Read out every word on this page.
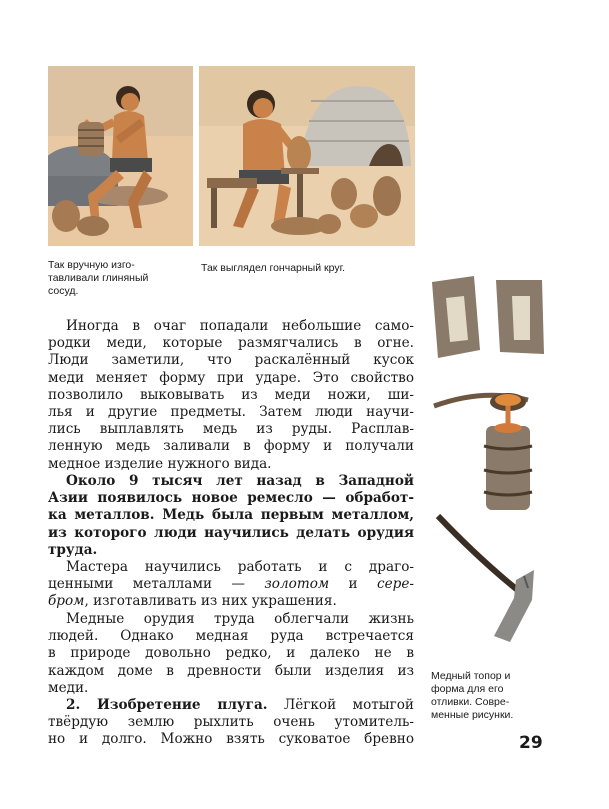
Так вручную изго-
тавливали глиняный
сосуд.
Так выглядел гончарный круг.
Медный топор и
форма для его
отливки. Совре-
менные рисунки.
Иногда в очаг попадали небольшие само-
родки меди, которые размягчались в огне.
Люди заметили, что раскалённый кусок
меди меняет форму при ударе. Это свойство
позволило выковывать из меди ножи, ши-
лья и другие предметы. Затем люди научи-
лись выплавлять медь из руды. Расплав-
ленную медь заливали в форму и получали
медное изделие нужного вида.
Около 9 тысяч лет назад в Западной
Азии появилось новое ремесло — обработ-
ка металлов. Медь была первым металлом,
из которого люди научились делать орудия
труда.
Мастера научились работать и с драго-
ценными металлами — золотом и сере-
бром, изготавливать из них украшения.
Медные орудия труда облегчали жизнь
людей. Однако медная руда встречается
в природе довольно редко, и далеко не в
каждом доме в древности были изделия из
меди.
2. Изобретение плуга. Лёгкой мотыгой
твёрдую землю рыхлить очень утомитель-
но и долго. Можно взять суковатое бревно	29
